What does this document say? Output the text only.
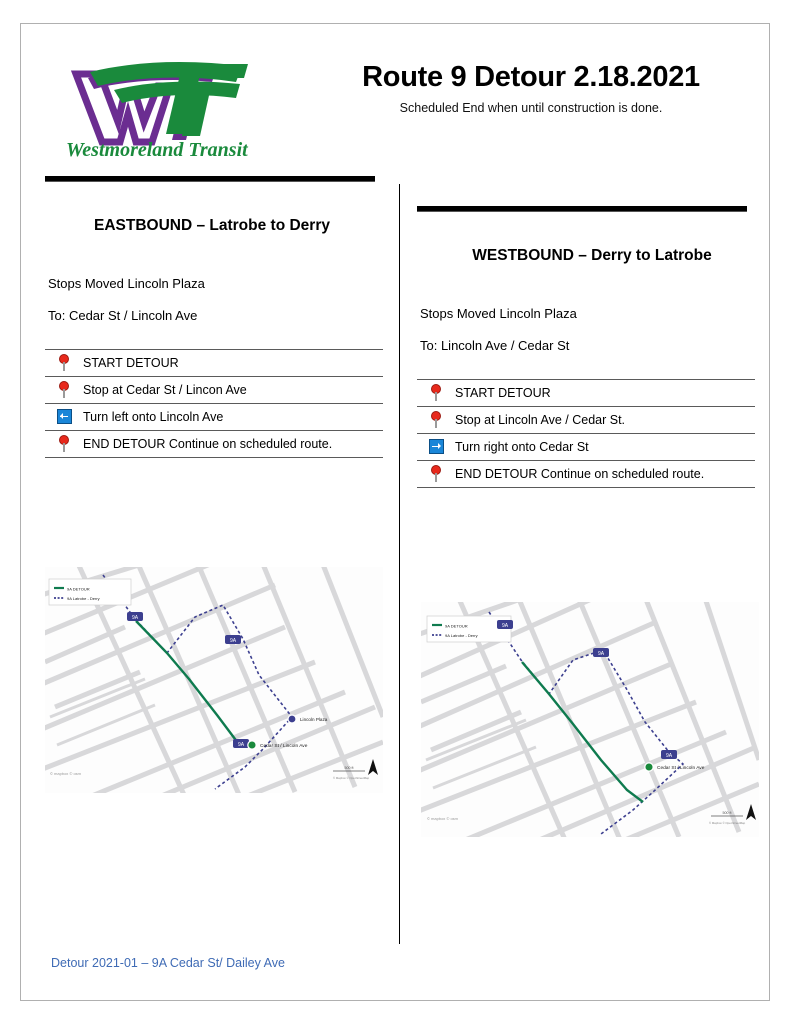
Westmoreland Transit
Route 9 Detour 2.18.2021
Scheduled End when until construction is done.
EASTBOUND – Latrobe to Derry
Stops Moved Lincoln Plaza
To: Cedar St / Lincoln Ave
	START DETOUR
	Stop at Cedar St / Lincon Ave
	Turn left onto Lincoln Ave
	END DETOUR Continue on scheduled route.
WESTBOUND – Derry to Latrobe
Stops Moved Lincoln Plaza
To: Lincoln Ave / Cedar St
	START DETOUR
	Stop at Lincoln Ave / Cedar St.
	Turn right onto Cedar St
	END DETOUR Continue on scheduled route.
9A DETOUR
9A Latrobe - Derry
9A
9A
9A
Lincoln Plaza
Cedar St / Lincoln Ave
500 ft
© Mapbox © OpenStreetMap
© mapbox © osm
9A DETOUR
9A Latrobe - Derry
9A
9A
9A
Cedar St / Lincoln Ave
500 ft
© Mapbox © OpenStreetMap
© mapbox © osm
Detour 2021-01 – 9A Cedar St/ Dailey Ave
